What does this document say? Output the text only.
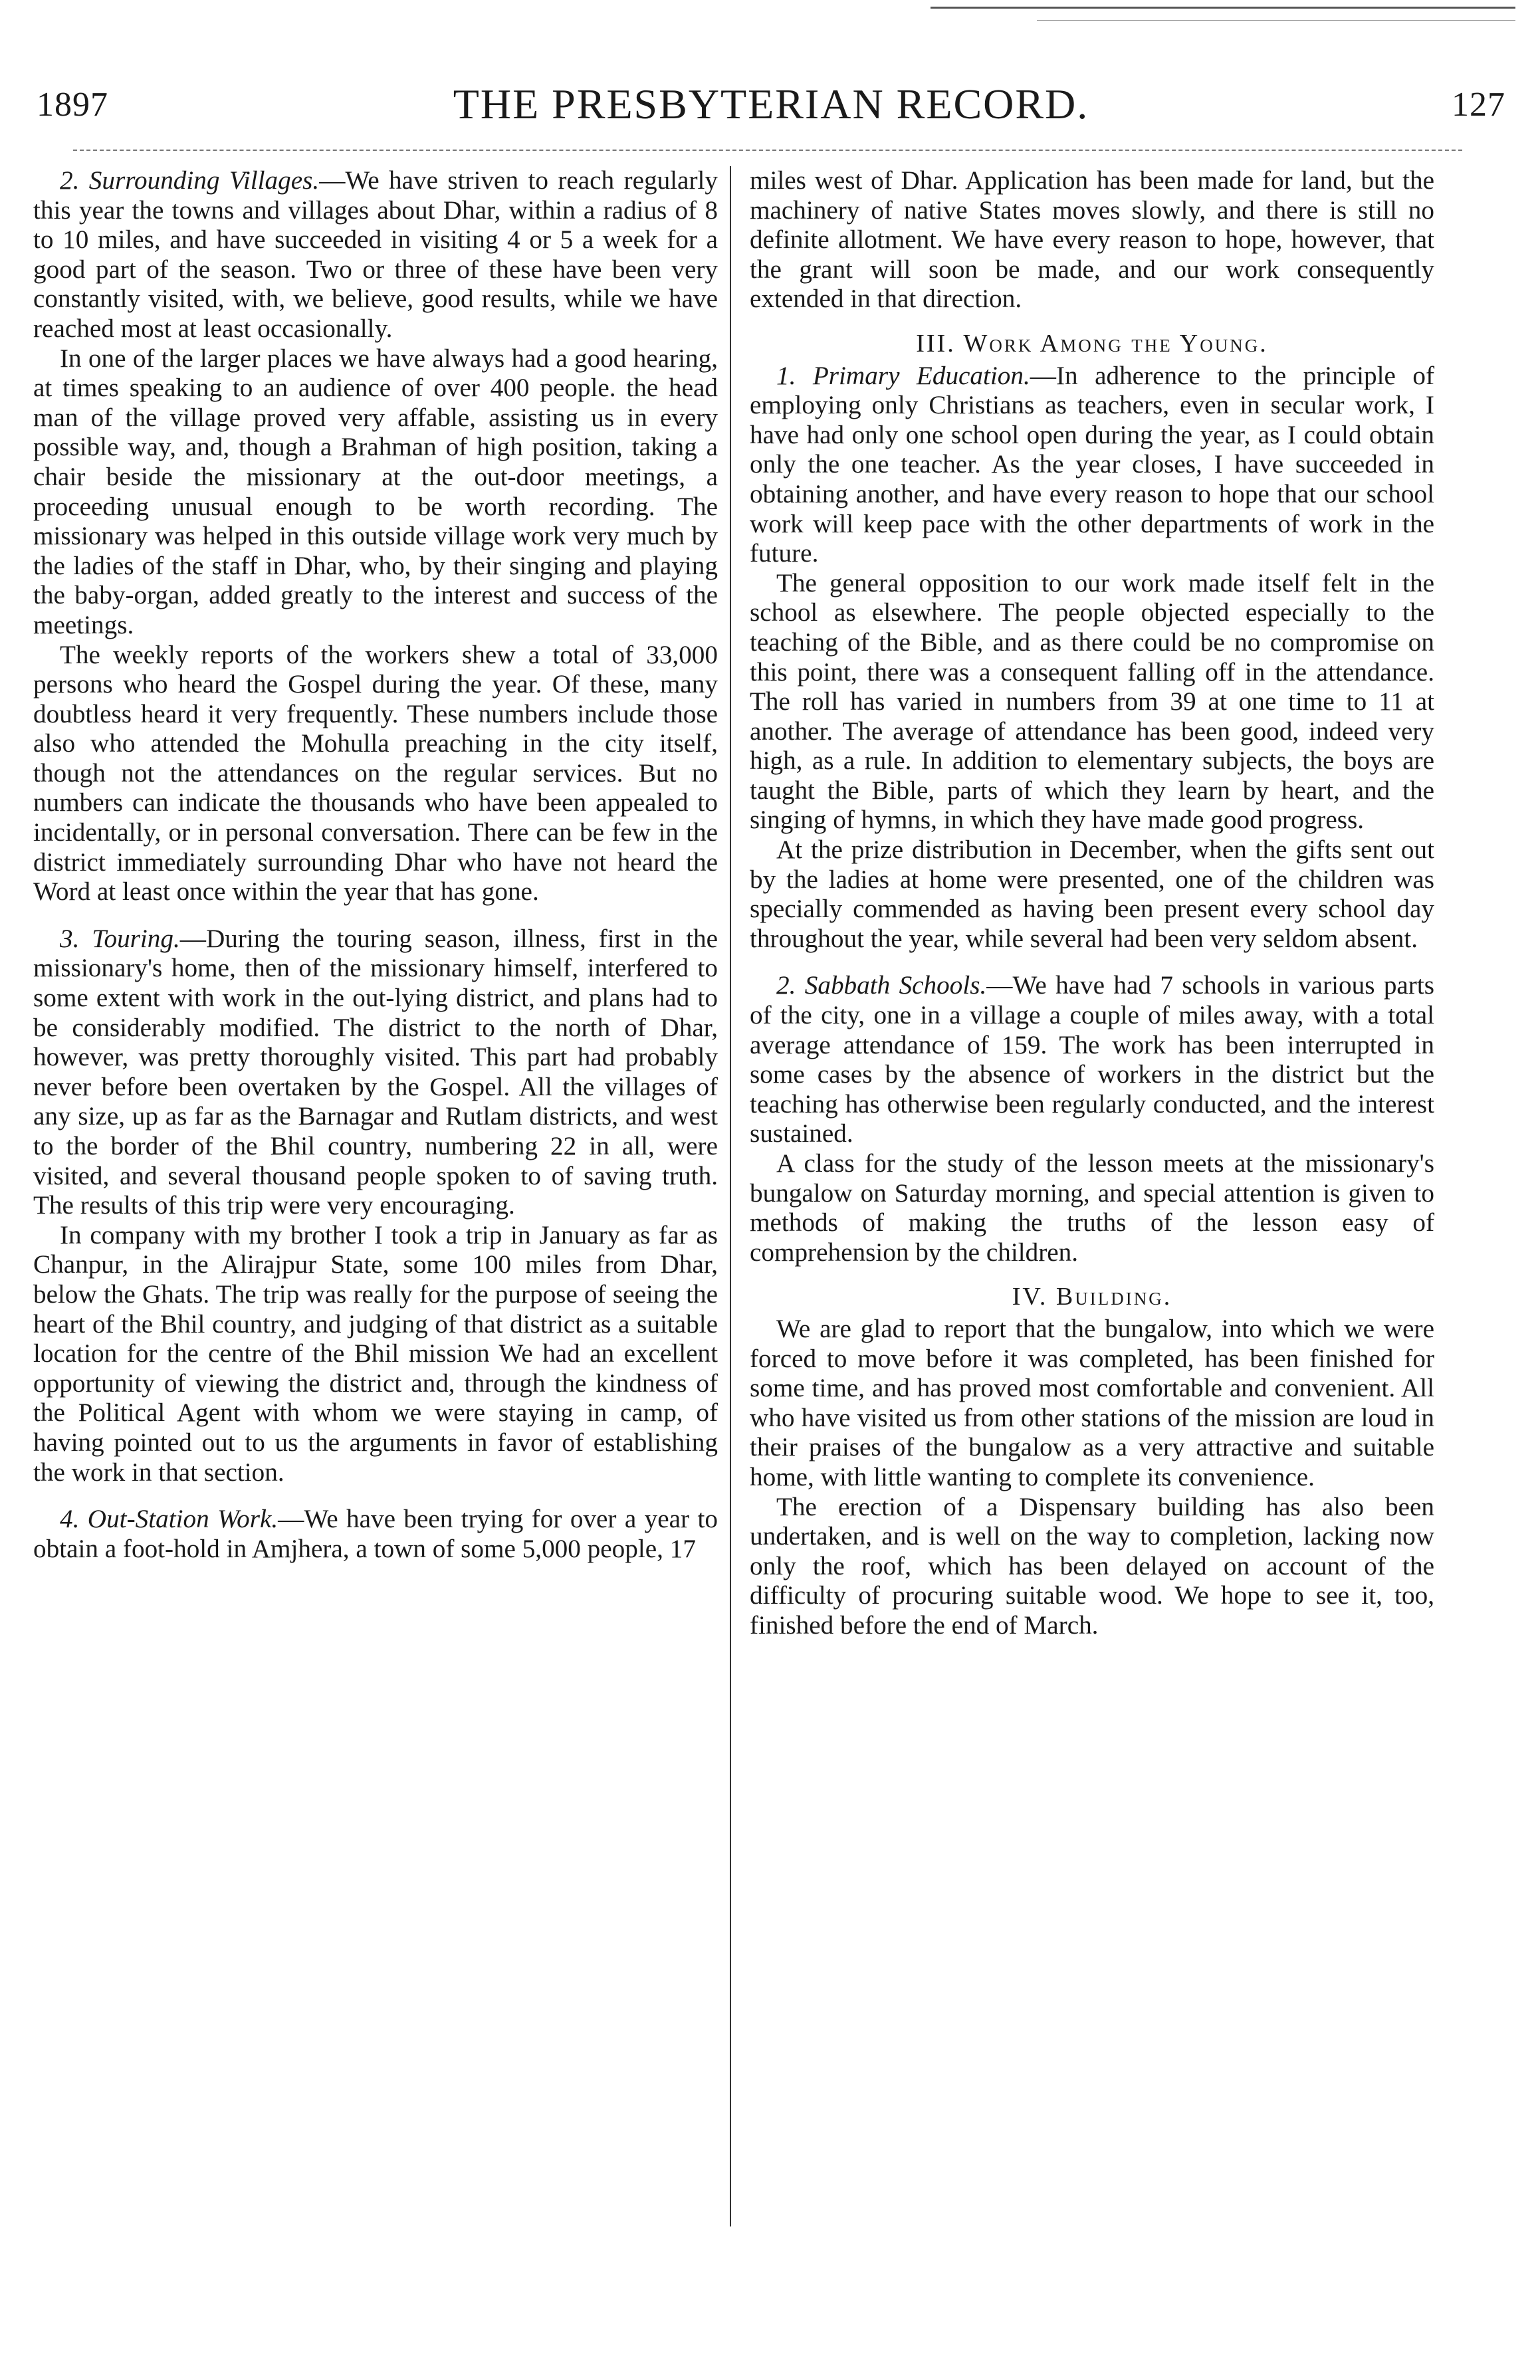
1897	THE PRESBYTERIAN RECORD.	127

2. Surrounding Villages.—We have striven to reach regularly this year the towns and villages about Dhar, within a radius of 8 to 10 miles, and have succeeded in visiting 4 or 5 a week for a good part of the season. Two or three of these have been very constantly visited, with, we believe, good results, while we have reached most at least occasionally.

In one of the larger places we have always had a good hearing, at times speaking to an audience of over 400 people. the head man of the village proved very affable, assisting us in every possible way, and, though a Brahman of high position, taking a chair beside the missionary at the out-door meetings, a proceeding unusual enough to be worth recording. The missionary was helped in this outside village work very much by the ladies of the staff in Dhar, who, by their singing and playing the baby-organ, added greatly to the interest and success of the meetings.

The weekly reports of the workers shew a total of 33,000 persons who heard the Gospel during the year. Of these, many doubtless heard it very frequently. These numbers include those also who attended the Mohulla preaching in the city itself, though not the attendances on the regular services. But no numbers can indicate the thousands who have been appealed to incidentally, or in personal conversation. There can be few in the district immediately surrounding Dhar who have not heard the Word at least once within the year that has gone.

3. Touring.—During the touring season, illness, first in the missionary's home, then of the missionary himself, interfered to some extent with work in the out-lying district, and plans had to be considerably modified. The district to the north of Dhar, however, was pretty thoroughly visited. This part had probably never before been overtaken by the Gospel. All the villages of any size, up as far as the Barnagar and Rutlam districts, and west to the border of the Bhil country, numbering 22 in all, were visited, and several thousand people spoken to of saving truth. The results of this trip were very encouraging.

In company with my brother I took a trip in January as far as Chanpur, in the Alirajpur State, some 100 miles from Dhar, below the Ghats. The trip was really for the purpose of seeing the heart of the Bhil country, and judging of that district as a suitable location for the centre of the Bhil mission We had an excellent opportunity of viewing the district and, through the kindness of the Political Agent with whom we were staying in camp, of having pointed out to us the arguments in favor of establishing the work in that section.

4. Out-Station Work.—We have been trying for over a year to obtain a foot-hold in Amjhera, a town of some 5,000 people, 17

miles west of Dhar. Application has been made for land, but the machinery of native States moves slowly, and there is still no definite allotment. We have every reason to hope, however, that the grant will soon be made, and our work consequently extended in that direction.

III. Work Among the Young.

1. Primary Education.—In adherence to the principle of employing only Christians as teachers, even in secular work, I have had only one school open during the year, as I could obtain only the one teacher. As the year closes, I have succeeded in obtaining another, and have every reason to hope that our school work will keep pace with the other departments of work in the future.

The general opposition to our work made itself felt in the school as elsewhere. The people objected especially to the teaching of the Bible, and as there could be no compromise on this point, there was a consequent falling off in the attendance. The roll has varied in numbers from 39 at one time to 11 at another. The average of attendance has been good, indeed very high, as a rule. In addition to elementary subjects, the boys are taught the Bible, parts of which they learn by heart, and the singing of hymns, in which they have made good progress.

At the prize distribution in December, when the gifts sent out by the ladies at home were presented, one of the children was specially commended as having been present every school day throughout the year, while several had been very seldom absent.

2. Sabbath Schools.—We have had 7 schools in various parts of the city, one in a village a couple of miles away, with a total average attendance of 159. The work has been interrupted in some cases by the absence of workers in the district but the teaching has otherwise been regularly conducted, and the interest sustained.

A class for the study of the lesson meets at the missionary's bungalow on Saturday morning, and special attention is given to methods of making the truths of the lesson easy of comprehension by the children.

IV. Building.

We are glad to report that the bungalow, into which we were forced to move before it was completed, has been finished for some time, and has proved most comfortable and convenient. All who have visited us from other stations of the mission are loud in their praises of the bungalow as a very attractive and suitable home, with little wanting to complete its convenience.

The erection of a Dispensary building has also been undertaken, and is well on the way to completion, lacking now only the roof, which has been delayed on account of the difficulty of procuring suitable wood. We hope to see it, too, finished before the end of March.
